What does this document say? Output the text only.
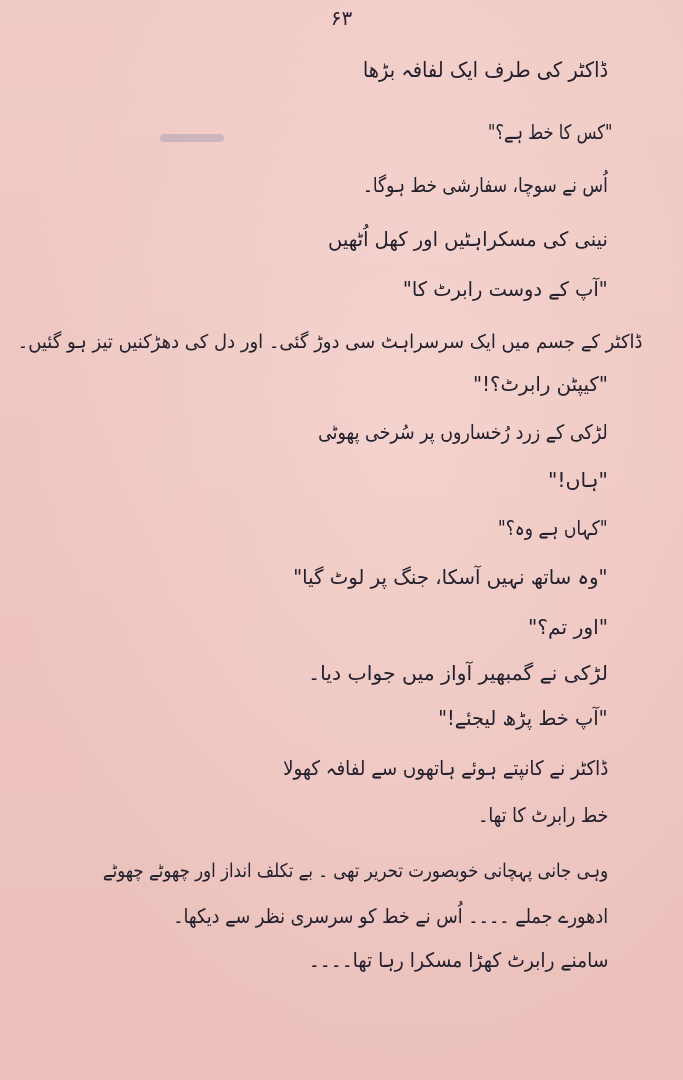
۶۳
ڈاکٹر کی طرف ایک لفافہ بڑھا
"کس کا خط ہے؟"
اُس نے سوچا، سفارشی خط ہوگا۔
نینی کی مسکراہٹیں اور کھل اُٹھیں
"آپ کے دوست رابرٹ کا"
ڈاکٹر کے جسم میں ایک سرسراہٹ سی دوڑ گئی۔ اور دل کی دھڑکنیں تیز ہو گئیں۔
"کیپٹن رابرٹ؟!"
لڑکی کے زرد رُخساروں پر سُرخی پھوٹی
"ہاں!"
"کہاں ہے وہ؟"
"وہ ساتھ نہیں آسکا، جنگ پر لوٹ گیا"
"اور تم؟"
لڑکی نے گمبھیر آواز میں جواب دیا۔
"آپ خط پڑھ لیجئے!"
ڈاکٹر نے کانپتے ہوئے ہاتھوں سے لفافہ کھولا
خط رابرٹ کا تھا۔
وہی جانی پہچانی خوبصورت تحریر تھی ۔ بے تکلف انداز اور چھوٹے چھوٹے
ادھورے جملے ۔۔۔۔ اُس نے خط کو سرسری نظر سے دیکھا۔
سامنے رابرٹ کھڑا مسکرا رہا تھا۔۔۔۔
